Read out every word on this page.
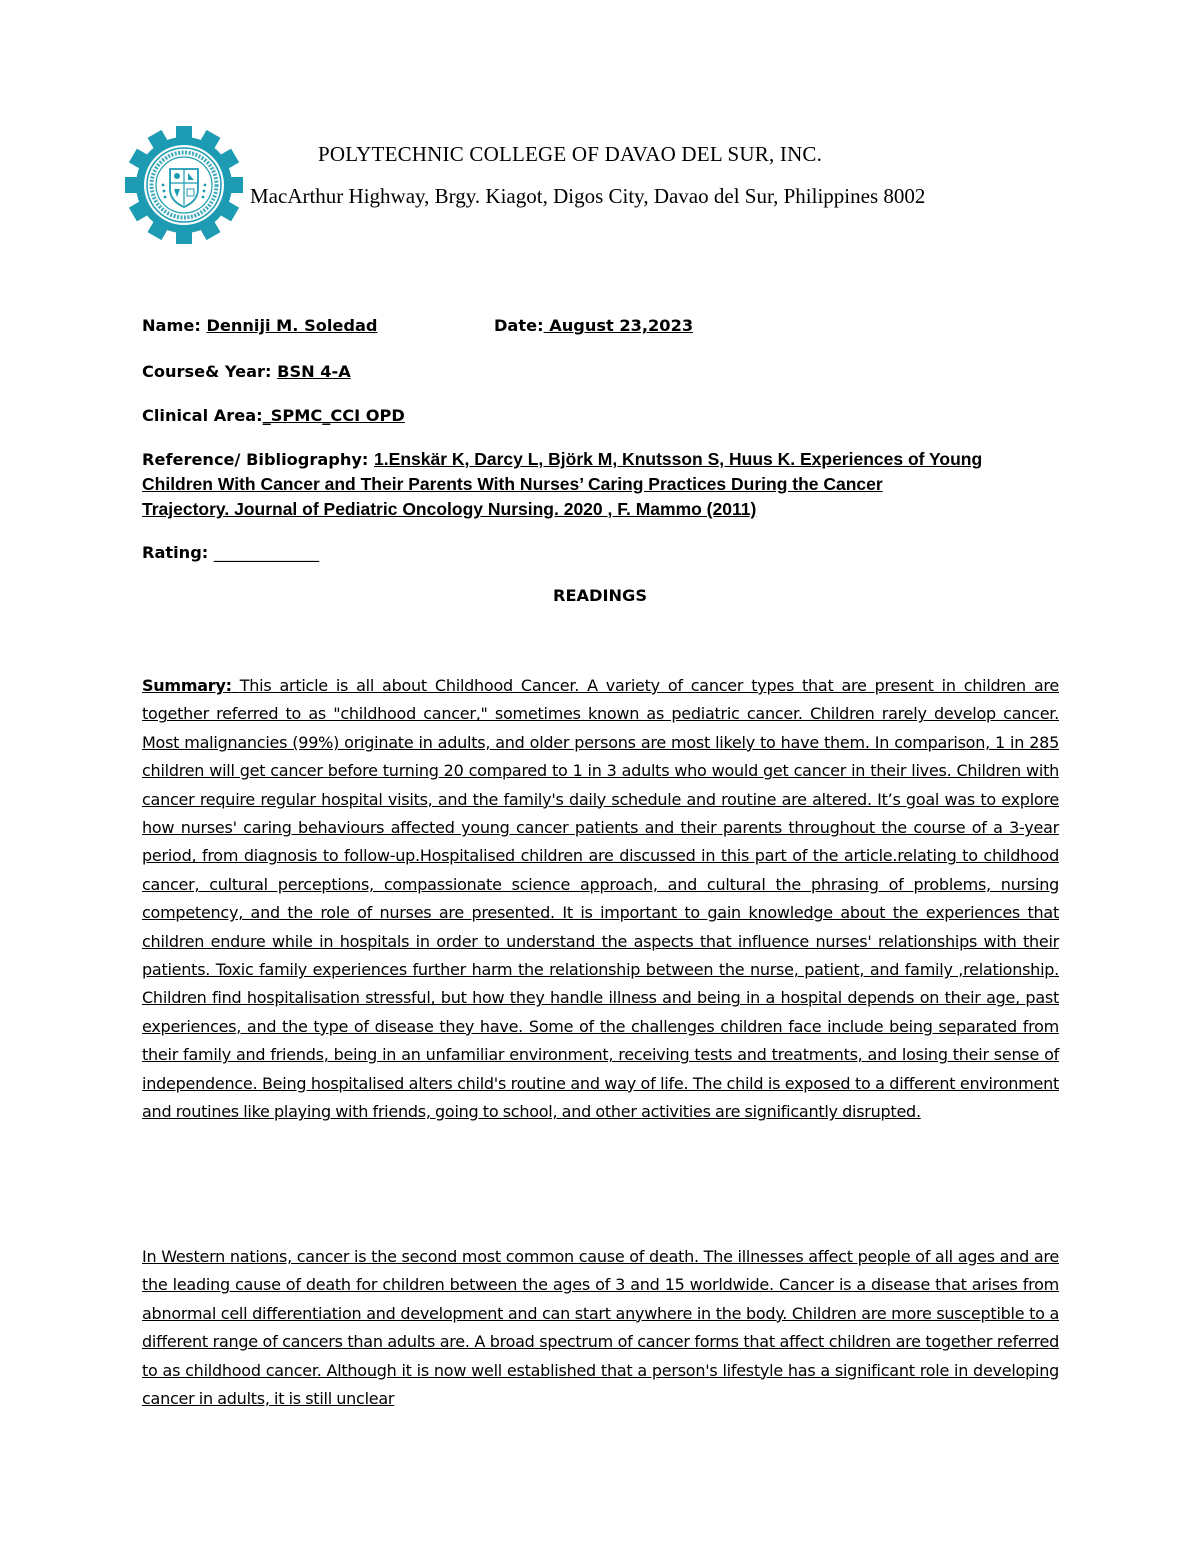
POLYTECHNIC COLLEGE OF DAVAO DEL SUR, INC.
MacArthur Highway, Brgy. Kiagot, Digos City, Davao del Sur, Philippines 8002
Name: Denniji M. Soledad	Date: August 23,2023
Course& Year: BSN 4-A
Clinical Area:_SPMC_CCI OPD
Reference/ Bibliography: 1.Enskär K, Darcy L, Björk M, Knutsson S, Huus K. Experiences of Young
Children With Cancer and Their Parents With Nurses’ Caring Practices During the Cancer
Trajectory. Journal of Pediatric Oncology Nursing. 2020 , F. Mammo (2011)
Rating: _____________
READINGS
Summary: This article is all about Childhood Cancer. A variety of cancer types that are present in children are together referred to as "childhood cancer," sometimes known as pediatric cancer. Children rarely develop cancer. Most malignancies (99%) originate in adults, and older persons are most likely to have them. In comparison, 1 in 285 children will get cancer before turning 20 compared to 1 in 3 adults who would get cancer in their lives. Children with cancer require regular hospital visits, and the family's daily schedule and routine are altered. It’s goal was to explore how nurses' caring behaviours affected young cancer patients and their parents throughout the course of a 3-year period, from diagnosis to follow-up.Hospitalised children are discussed in this part of the article.relating to childhood cancer, cultural perceptions, compassionate science approach, and cultural the phrasing of problems, nursing competency, and the role of nurses are presented. It is important to gain knowledge about the experiences that children endure while in hospitals in order to understand the aspects that influence nurses' relationships with their patients. Toxic family experiences further harm the relationship between the nurse, patient, and family ,relationship. Children find hospitalisation stressful, but how they handle illness and being in a hospital depends on their age, past experiences, and the type of disease they have. Some of the challenges children face include being separated from their family and friends, being in an unfamiliar environment, receiving tests and treatments, and losing their sense of independence. Being hospitalised alters child's routine and way of life. The child is exposed to a different environment and routines like playing with friends, going to school, and other activities are significantly disrupted.
In Western nations, cancer is the second most common cause of death. The illnesses affect people of all ages and are the leading cause of death for children between the ages of 3 and 15 worldwide. Cancer is a disease that arises from abnormal cell differentiation and development and can start anywhere in the body. Children are more susceptible to a different range of cancers than adults are. A broad spectrum of cancer forms that affect children are together referred to as childhood cancer. Although it is now well established that a person's lifestyle has a significant role in developing cancer in adults, it is still unclear
